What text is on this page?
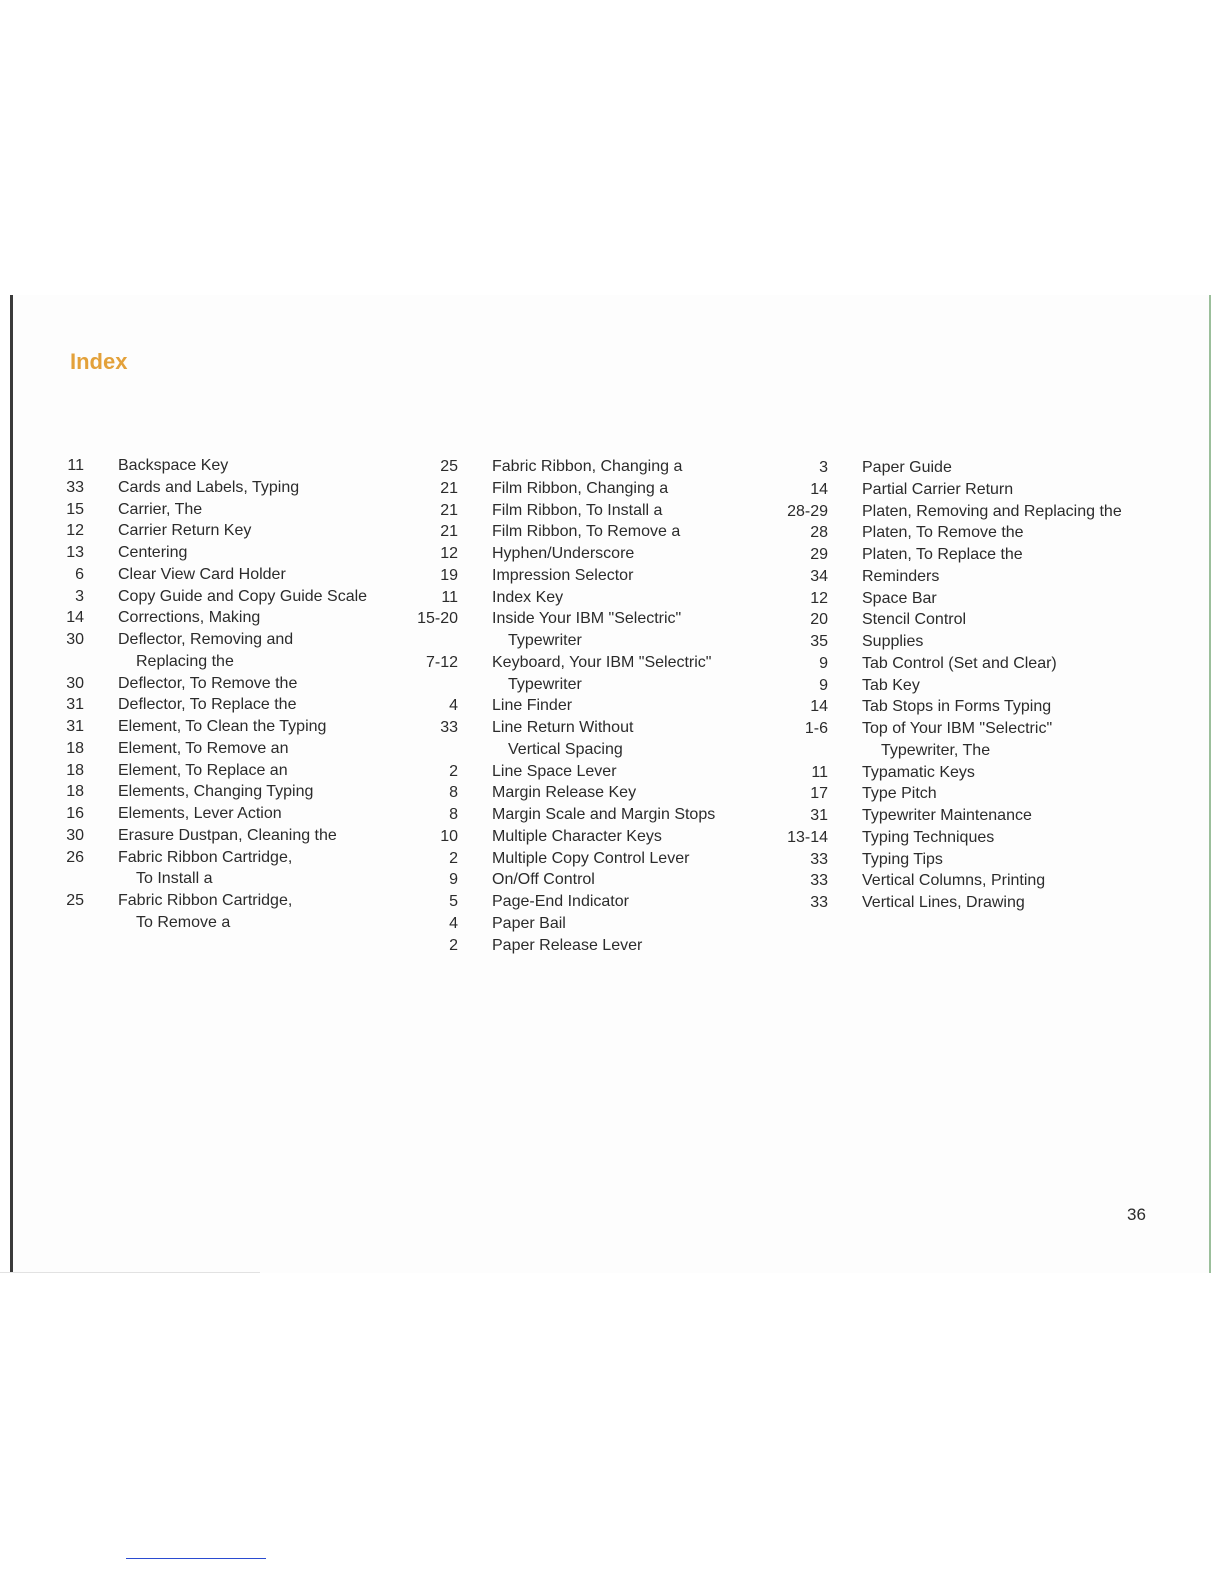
Index
11 Backspace Key
33 Cards and Labels, Typing
15 Carrier, The
12 Carrier Return Key
13 Centering
6 Clear View Card Holder
3 Copy Guide and Copy Guide Scale
14 Corrections, Making
30 Deflector, Removing and
Replacing the
30 Deflector, To Remove the
31 Deflector, To Replace the
31 Element, To Clean the Typing
18 Element, To Remove an
18 Element, To Replace an
18 Elements, Changing Typing
16 Elements, Lever Action
30 Erasure Dustpan, Cleaning the
26 Fabric Ribbon Cartridge,
To Install a
25 Fabric Ribbon Cartridge,
To Remove a
25 Fabric Ribbon, Changing a
21 Film Ribbon, Changing a
21 Film Ribbon, To Install a
21 Film Ribbon, To Remove a
12 Hyphen/Underscore
19 Impression Selector
11 Index Key
15-20 Inside Your IBM "Selectric"
Typewriter
7-12 Keyboard, Your IBM "Selectric"
Typewriter
4 Line Finder
33 Line Return Without
Vertical Spacing
2 Line Space Lever
8 Margin Release Key
8 Margin Scale and Margin Stops
10 Multiple Character Keys
2 Multiple Copy Control Lever
9 On/Off Control
5 Page-End Indicator
4 Paper Bail
2 Paper Release Lever
3 Paper Guide
14 Partial Carrier Return
28-29 Platen, Removing and Replacing the
28 Platen, To Remove the
29 Platen, To Replace the
34 Reminders
12 Space Bar
20 Stencil Control
35 Supplies
9 Tab Control (Set and Clear)
9 Tab Key
14 Tab Stops in Forms Typing
1-6 Top of Your IBM "Selectric"
Typewriter, The
11 Typamatic Keys
17 Type Pitch
31 Typewriter Maintenance
13-14 Typing Techniques
33 Typing Tips
33 Vertical Columns, Printing
33 Vertical Lines, Drawing
36
